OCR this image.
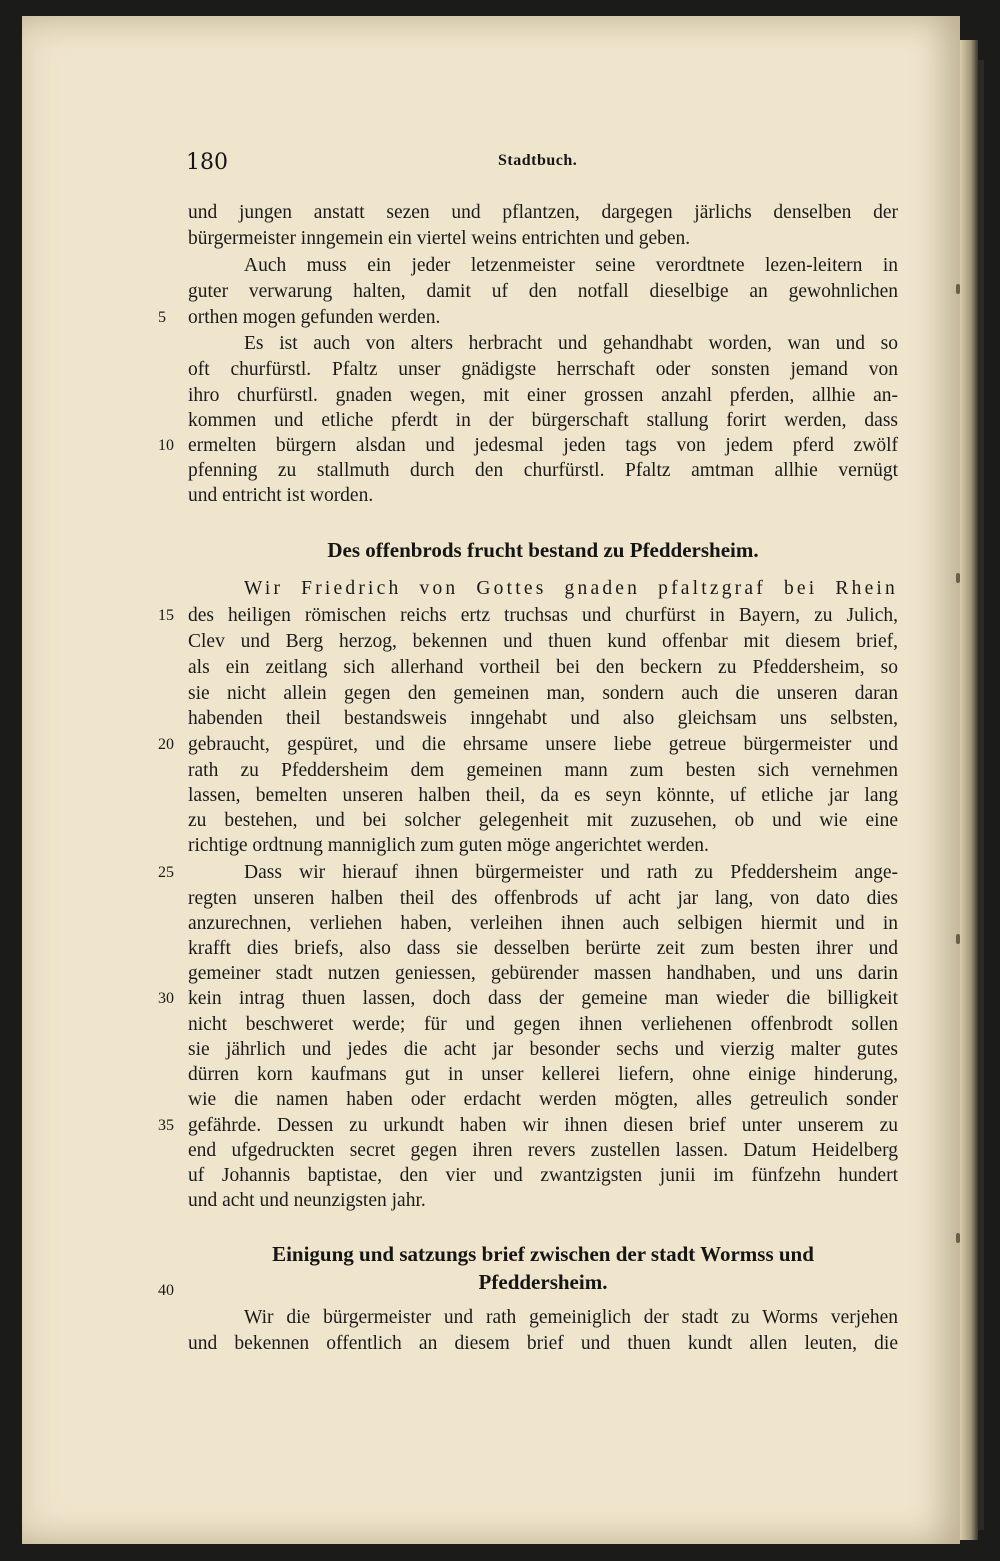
180	Stadtbuch.
und jungen anstatt sezen und pflantzen, dargegen järlichs denselben der
bürgermeister inngemein ein viertel weins entrichten und geben.
Auch muss ein jeder letzenmeister seine verordtnete lezen-leitern in
guter verwarung halten, damit uf den notfall dieselbige an gewohnlichen
5	orthen mogen gefunden werden.
Es ist auch von alters herbracht und gehandhabt worden, wan und so
oft churfürstl. Pfaltz unser gnädigste herrschaft oder sonsten jemand von
ihro churfürstl. gnaden wegen, mit einer grossen anzahl pferden, allhie an-
kommen und etliche pferdt in der bürgerschaft stallung forirt werden, dass
10 ermelten bürgern alsdan und jedesmal jeden tags von jedem pferd zwölf
pfenning zu stallmuth durch den churfürstl. Pfaltz amtman allhie vernügt
und entricht ist worden.
Des offenbrods frucht bestand zu Pfeddersheim.
Wir Friedrich von Gottes gnaden pfaltzgraf bei Rhein
15 des heiligen römischen reichs ertz truchsas und churfürst in Bayern, zu Julich,
Clev und Berg herzog, bekennen und thuen kund offenbar mit diesem brief,
als ein zeitlang sich allerhand vortheil bei den beckern zu Pfeddersheim, so
sie nicht allein gegen den gemeinen man, sondern auch die unseren daran
habenden theil bestandsweis inngehabt und also gleichsam uns selbsten,
20 gebraucht, gespüret, und die ehrsame unsere liebe getreue bürgermeister und
rath zu Pfeddersheim dem gemeinen mann zum besten sich vernehmen
lassen, bemelten unseren halben theil, da es seyn könnte, uf etliche jar lang
zu bestehen, und bei solcher gelegenheit mit zuzusehen, ob und wie eine
richtige ordtnung manniglich zum guten möge angerichtet werden.
25	Dass wir hierauf ihnen bürgermeister und rath zu Pfeddersheim ange-
regten unseren halben theil des offenbrods uf acht jar lang, von dato dies
anzurechnen, verliehen haben, verleihen ihnen auch selbigen hiermit und in
krafft dies briefs, also dass sie desselben berürte zeit zum besten ihrer und
gemeiner stadt nutzen geniessen, gebürender massen handhaben, und uns darin
30 kein intrag thuen lassen, doch dass der gemeine man wieder die billigkeit
nicht beschweret werde; für und gegen ihnen verliehenen offenbrodt sollen
sie jährlich und jedes die acht jar besonder sechs und vierzig malter gutes
dürren korn kaufmans gut in unser kellerei liefern, ohne einige hinderung,
wie die namen haben oder erdacht werden mögten, alles getreulich sonder
35 gefährde. Dessen zu urkundt haben wir ihnen diesen brief unter unserem zu
end ufgedruckten secret gegen ihren revers zustellen lassen. Datum Heidelberg
uf Johannis baptistae, den vier und zwantzigsten junii im fünfzehn hundert
und acht und neunzigsten jahr.
Einigung und satzungs brief zwischen der stadt Wormss und
Pfeddersheim.
40
Wir die bürgermeister und rath gemeiniglich der stadt zu Worms verjehen
und bekennen offentlich an diesem brief und thuen kundt allen leuten, die
